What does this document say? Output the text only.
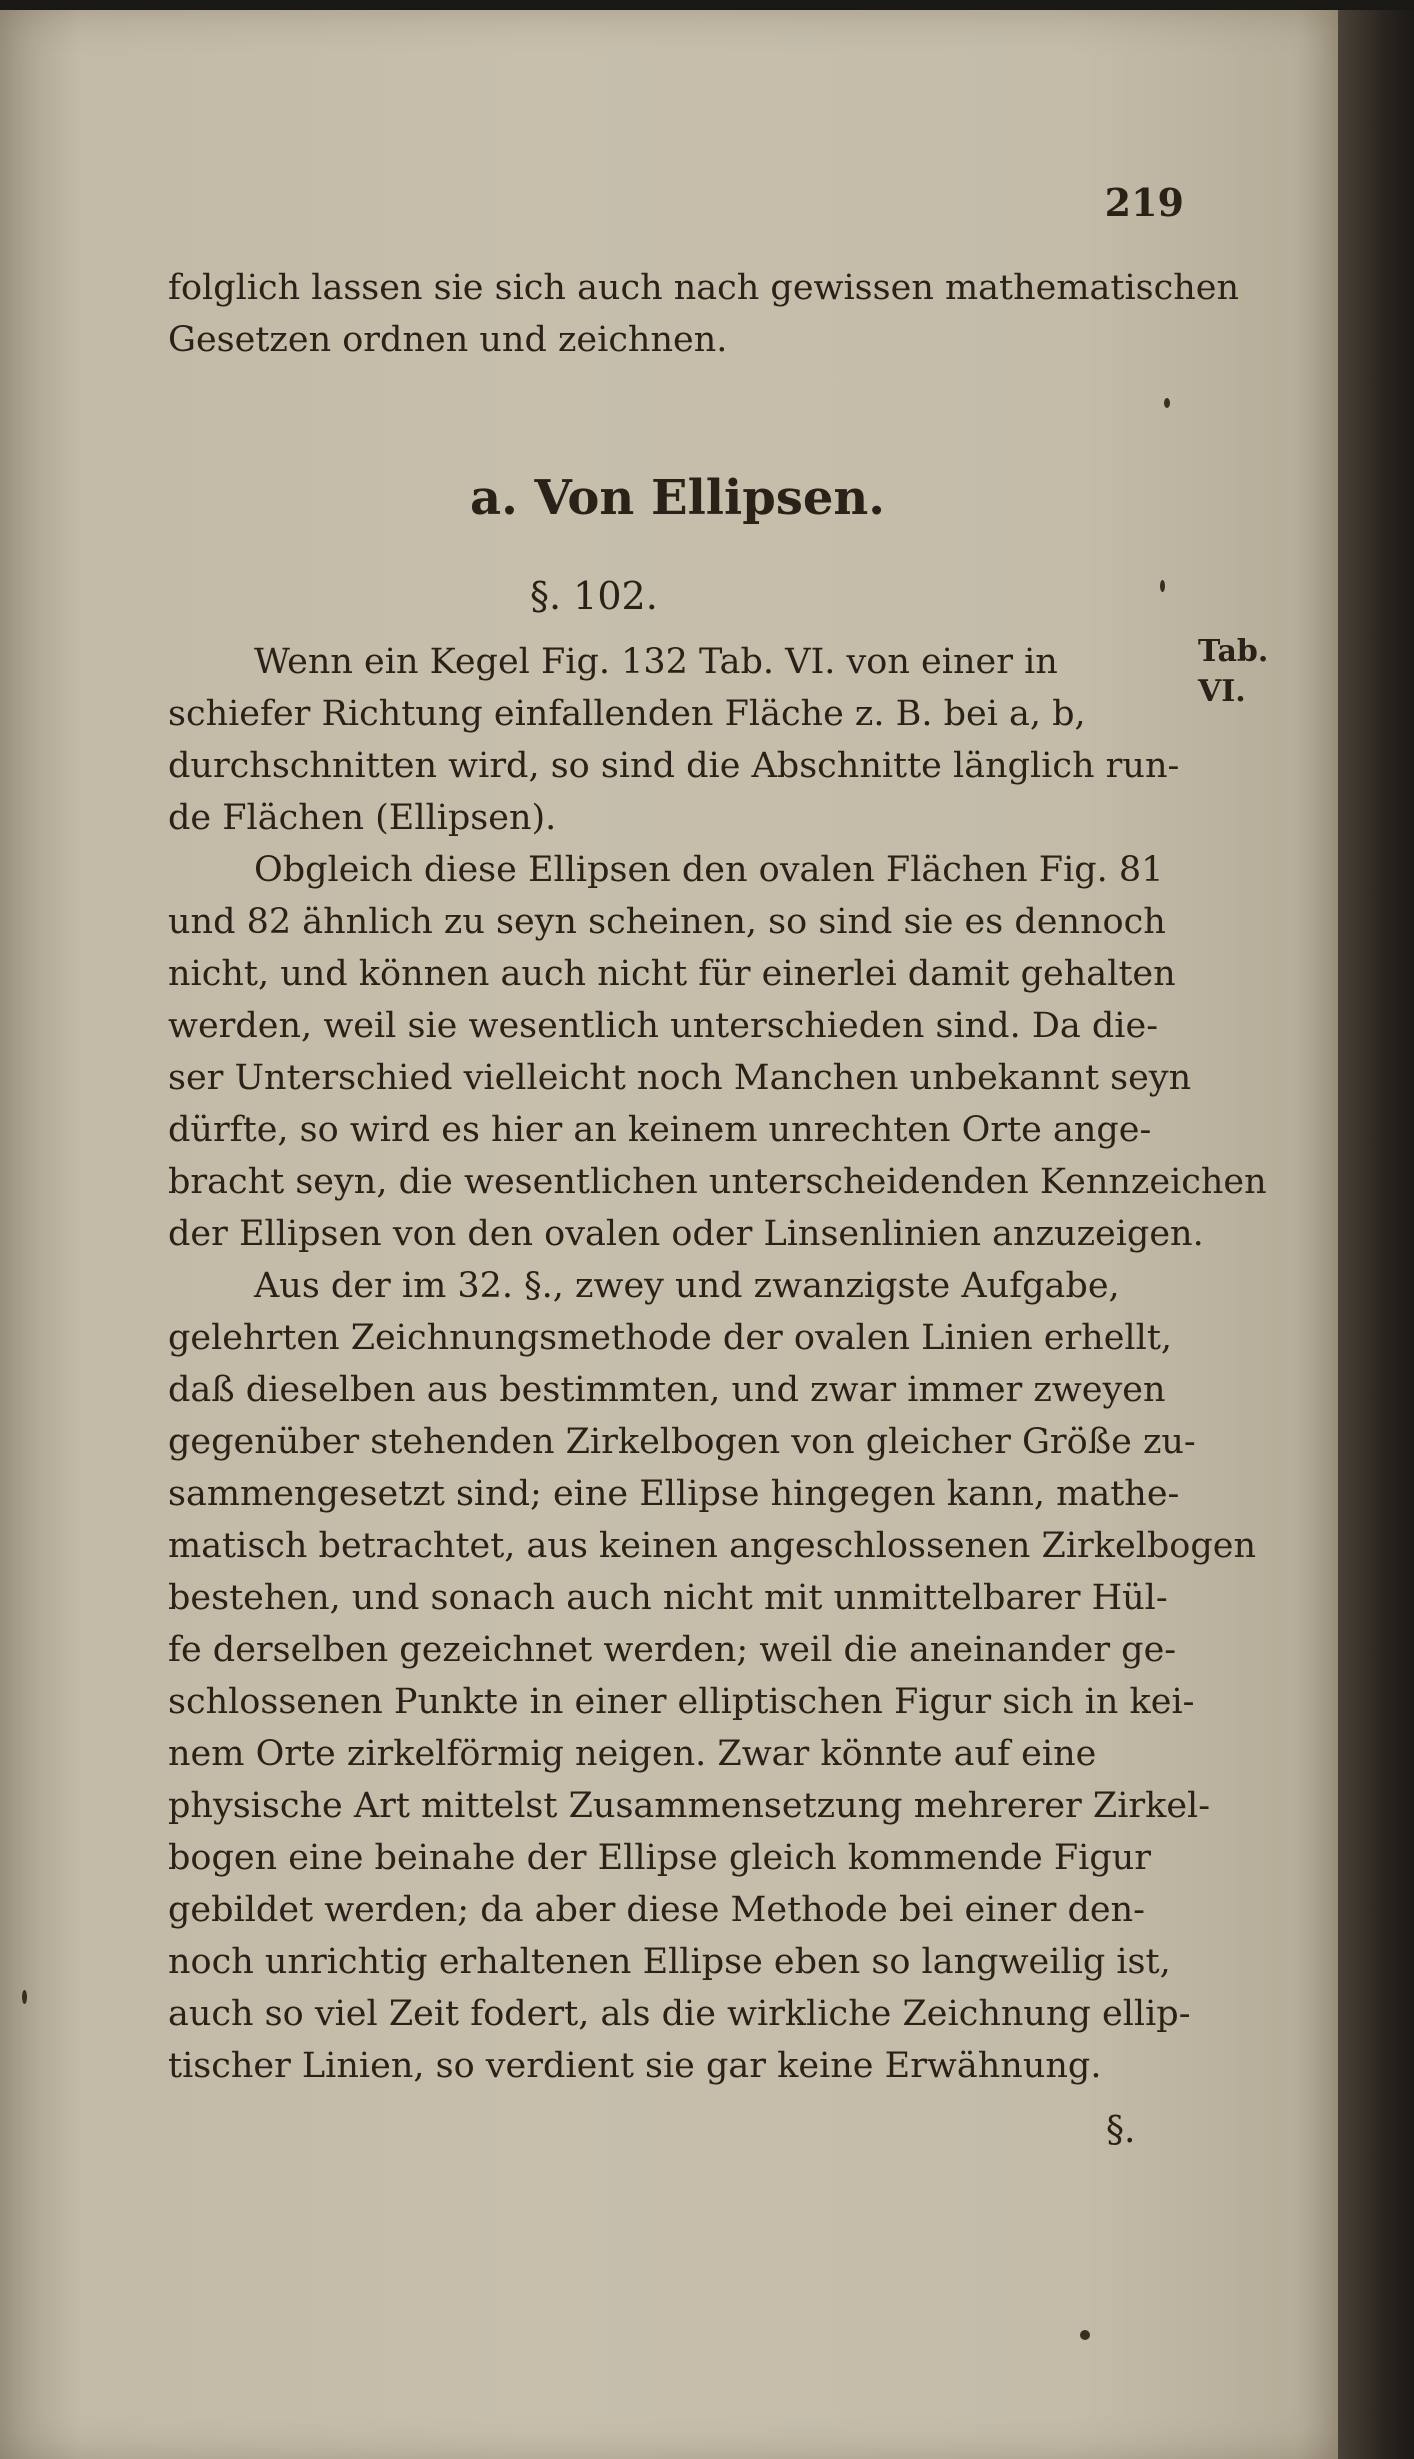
219
folglich lassen sie sich auch nach gewissen mathematischen
Gesetzen ordnen und zeichnen.
a. Von Ellipsen.
§. 102.
Tab.
VI.
Wenn ein Kegel Fig. 132 Tab. VI. von einer in
schiefer Richtung einfallenden Fläche z. B. bei a, b,
durchschnitten wird, so sind die Abschnitte länglich run-
de Flächen (Ellipsen).
Obgleich diese Ellipsen den ovalen Flächen Fig. 81
und 82 ähnlich zu seyn scheinen, so sind sie es dennoch
nicht, und können auch nicht für einerlei damit gehalten
werden, weil sie wesentlich unterschieden sind. Da die-
ser Unterschied vielleicht noch Manchen unbekannt seyn
dürfte, so wird es hier an keinem unrechten Orte ange-
bracht seyn, die wesentlichen unterscheidenden Kennzeichen
der Ellipsen von den ovalen oder Linsenlinien anzuzeigen.
Aus der im 32. §., zwey und zwanzigste Aufgabe,
gelehrten Zeichnungsmethode der ovalen Linien erhellt,
daß dieselben aus bestimmten, und zwar immer zweyen
gegenüber stehenden Zirkelbogen von gleicher Größe zu-
sammengesetzt sind; eine Ellipse hingegen kann, mathe-
matisch betrachtet, aus keinen angeschlossenen Zirkelbogen
bestehen, und sonach auch nicht mit unmittelbarer Hül-
fe derselben gezeichnet werden; weil die aneinander ge-
schlossenen Punkte in einer elliptischen Figur sich in kei-
nem Orte zirkelförmig neigen. Zwar könnte auf eine
physische Art mittelst Zusammensetzung mehrerer Zirkel-
bogen eine beinahe der Ellipse gleich kommende Figur
gebildet werden; da aber diese Methode bei einer den-
noch unrichtig erhaltenen Ellipse eben so langweilig ist,
auch so viel Zeit fodert, als die wirkliche Zeichnung ellip-
tischer Linien, so verdient sie gar keine Erwähnung.
§.
